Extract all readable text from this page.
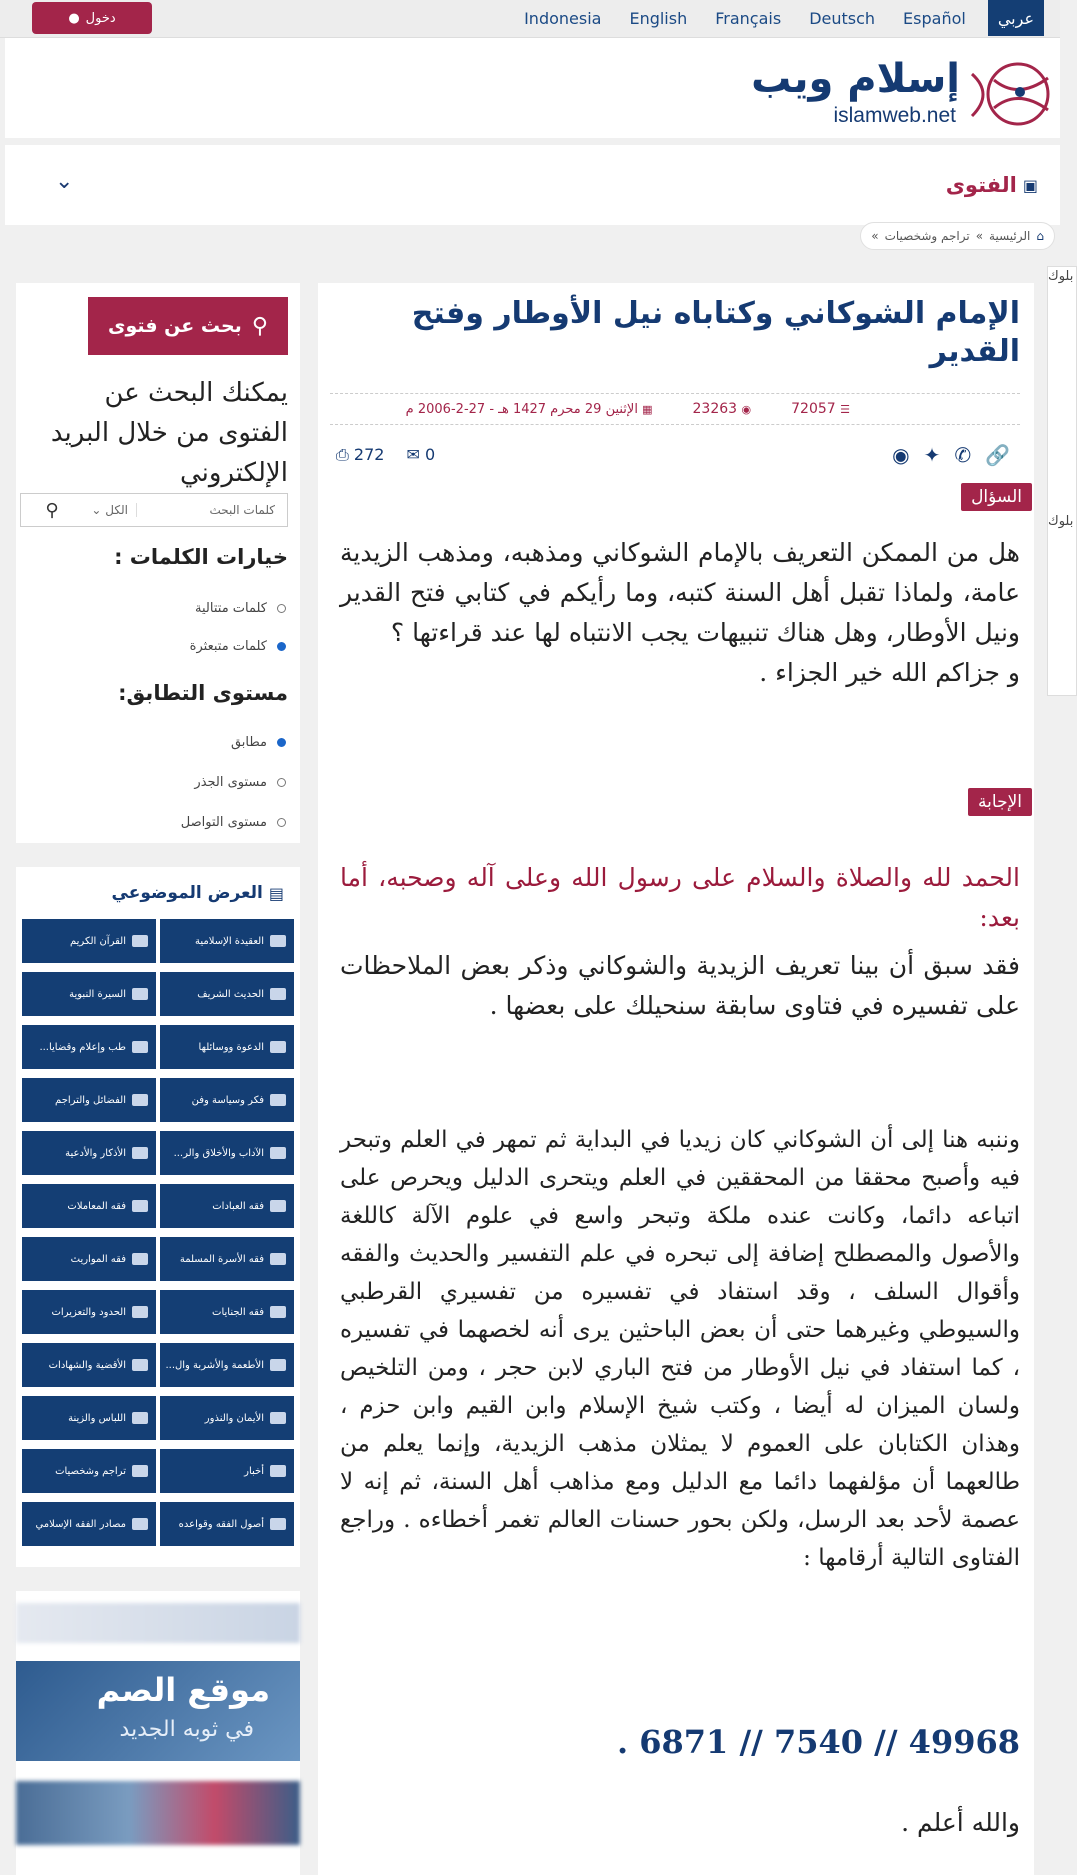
● دخول	عربي
Español
Deutsch
Français
English
Indonesia
إسلام ويب
islamweb.net
▣
الفتوى
⌄
⌂
الرئيسية
»
تراجم وشخصيات
»
الإمام الشوكاني وكتاباه نيل الأوطار وفتح القدير
☰ 72057
◉ 23263
▦ الإثنين 29 محرم 1427 هـ - 27-2-2006 م
🔗
✆
✦
◉
0 ✉
272 ⎙
السؤال
هل من الممكن التعريف بالإمام الشوكاني ومذهبه، ومذهب الزيدية عامة، ولماذا تقبل أهل السنة كتبه، وما رأيكم في كتابي فتح القدير ونيل الأوطار، وهل هناك تنبيهات يجب الانتباه لها عند قراءتها ؟
و جزاكم الله خير الجزاء .
الإجابة
الحمد لله والصلاة والسلام على رسول الله وعلى آله وصحبه، أما بعد:
فقد سبق أن بينا تعريف الزيدية والشوكاني وذكر بعض الملاحظات على تفسيره في فتاوى سابقة سنحيلك على بعضها .
وننبه هنا إلى أن الشوكاني كان زيديا في البداية ثم تمهر في العلم وتبحر فيه وأصبح محققا من المحققين في العلم ويتحرى الدليل ويحرص على اتباعه دائما، وكانت عنده ملكة وتبحر واسع في علوم الآلة كاللغة والأصول والمصطلح إضافة إلى تبحره في علم التفسير والحديث والفقه وأقوال السلف ، وقد استفاد في تفسيره من تفسيري القرطبي والسيوطي وغيرهما حتى أن بعض الباحثين يرى أنه لخصهما في تفسيره ، كما استفاد في نيل الأوطار من فتح الباري لابن حجر ، ومن التلخيص ولسان الميزان له أيضا ، وكتب شيخ الإسلام وابن القيم وابن حزم ، وهذان الكتابان على العموم لا يمثلان مذهب الزيدية، وإنما يعلم من طالعهما أن مؤلفهما دائما مع الدليل ومع مذاهب أهل السنة، ثم إنه لا عصمة لأحد بعد الرسل، ولكن بحور حسنات العالم تغمر أخطاءه . وراجع الفتاوى التالية أرقامها :
49968 // 7540 // 6871 .
والله أعلم .
بلوك
بلوك
⚲
بحث عن فتوى
يمكنك البحث عن الفتوى من خلال البريد الإلكتروني
كلمات البحث
الكل ⌄
⚲
خيارات الكلمات :
كلمات متتالية
كلمات متبعثرة
مستوى التطابق:
مطابق
مستوى الجذر
مستوى التواصل
▤
العرض الموضوعي
العقيدة الإسلامية
القرآن الكريم
الحديث الشريف
السيرة النبوية
الدعوة ووسائلها
طب وإعلام وقضايا...
فكر وسياسة وفن
الفضائل والتراجم
الآداب والأخلاق والر...
الأذكار والأدعية
فقه العبادات
فقه المعاملات
فقه الأسرة المسلمة
فقه المواريث
فقه الجنايات
الحدود والتعزيرات
الأطعمة والأشربة وال...
الأقضية والشهادات
الأيمان والنذور
اللباس والزينة
أخبار
تراجم وشخصيات
أصول الفقه وقواعده
مصادر الفقه الإسلامي
موقع الصم
في ثوبه الجديد
